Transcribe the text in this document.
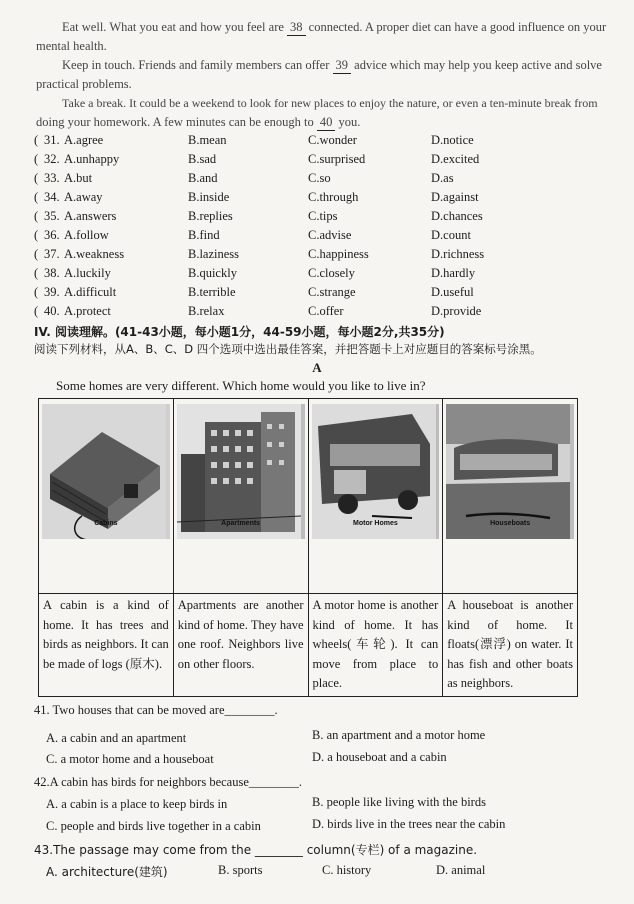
Eat well. What you eat and how you feel are 38 connected. A proper diet can have a good influence on your
mental health.
Keep in touch. Friends and family members can offer 39 advice which may help you keep active and solve
practical problems.
Take a break. It could be a weekend to look for new places to enjoy the nature, or even a ten-minute break from
doing your homework. A few minutes can be enough to 40 you.
( 31. A.agree	B.mean	C.wonder	D.notice
( 32. A.unhappy	B.sad	C.surprised	D.excited
( 33. A.but	B.and	C.so	D.as
( 34. A.away	B.inside	C.through	D.against
( 35. A.answers	B.replies	C.tips	D.chances
( 36. A.follow	B.find	C.advise	D.count
( 37. A.weakness	B.laziness	C.happiness	D.richness
( 38. A.luckily	B.quickly	C.closely	D.hardly
( 39. A.difficult	B.terrible	C.strange	D.useful
( 40. A.protect	B.relax	C.offer	D.provide
IV. 阅读理解。(41-43小题，每小题1分，44-59小题，每小题2分,共35分)
阅读下列材料，从A、B、C、D 四个选项中选出最佳答案，并把答题卡上对应题目的答案标号涂黑。
A
Some homes are very different. Which home would you like to live in?
Cabins	Apartments	Motor Homes	Houseboats

A cabin is a kind of home. It has trees and birds as neighbors. It can be made of logs (原木).	Apartments are another kind of home. They have one roof. Neighbors live on other floors.	A motor home is another kind of home. It has wheels(车轮). It can move from place to place.	A houseboat is another kind of home. It floats(漂浮) on water. It has fish and other boats as neighbors.
41. Two houses that can be moved are________.
A. a cabin and an apartment	B. an apartment and a motor home
C. a motor home and a houseboat	D. a houseboat and a cabin
42.A cabin has birds for neighbors because________.
A. a cabin is a place to keep birds in	B. people like living with the birds
C. people and birds live together in a cabin	D. birds live in the trees near the cabin
43.The passage may come from the ________ column(专栏) of a magazine.
A. architecture(建筑)	B. sports	C. history	D. animal
